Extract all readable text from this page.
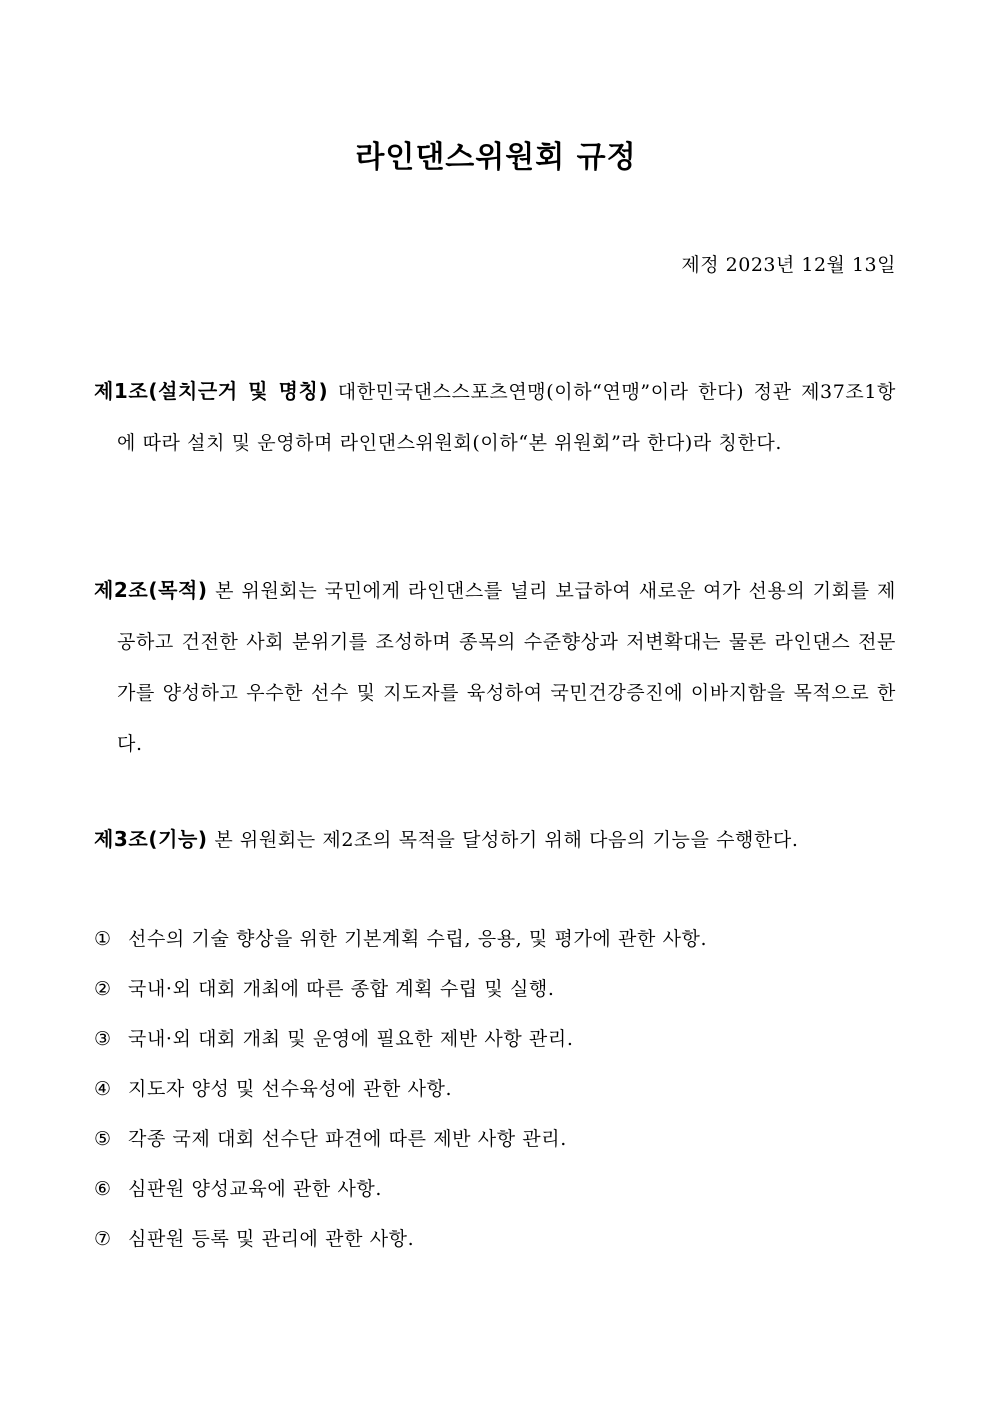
라인댄스위원회 규정
제정 2023년 12월 13일

제1조(설치근거 및 명칭) 대한민국댄스스포츠연맹(이하“연맹”이라 한다) 정관 제37조1항에 따라 설치 및 운영하며 라인댄스위원회(이하“본 위원회”라 한다)라 칭한다.

제2조(목적) 본 위원회는 국민에게 라인댄스를 널리 보급하여 새로운 여가 선용의 기회를 제공하고 건전한 사회 분위기를 조성하며 종목의 수준향상과 저변확대는 물론 라인댄스 전문가를 양성하고 우수한 선수 및 지도자를 육성하여 국민건강증진에 이바지함을 목적으로 한다.

제3조(기능) 본 위원회는 제2조의 목적을 달성하기 위해 다음의 기능을 수행한다.

① 선수의 기술 향상을 위한 기본계획 수립, 응용, 및 평가에 관한 사항.
② 국내·외 대회 개최에 따른 종합 계획 수립 및 실행.
③ 국내·외 대회 개최 및 운영에 필요한 제반 사항 관리.
④ 지도자 양성 및 선수육성에 관한 사항.
⑤ 각종 국제 대회 선수단 파견에 따른 제반 사항 관리.
⑥ 심판원 양성교육에 관한 사항.
⑦ 심판원 등록 및 관리에 관한 사항.
